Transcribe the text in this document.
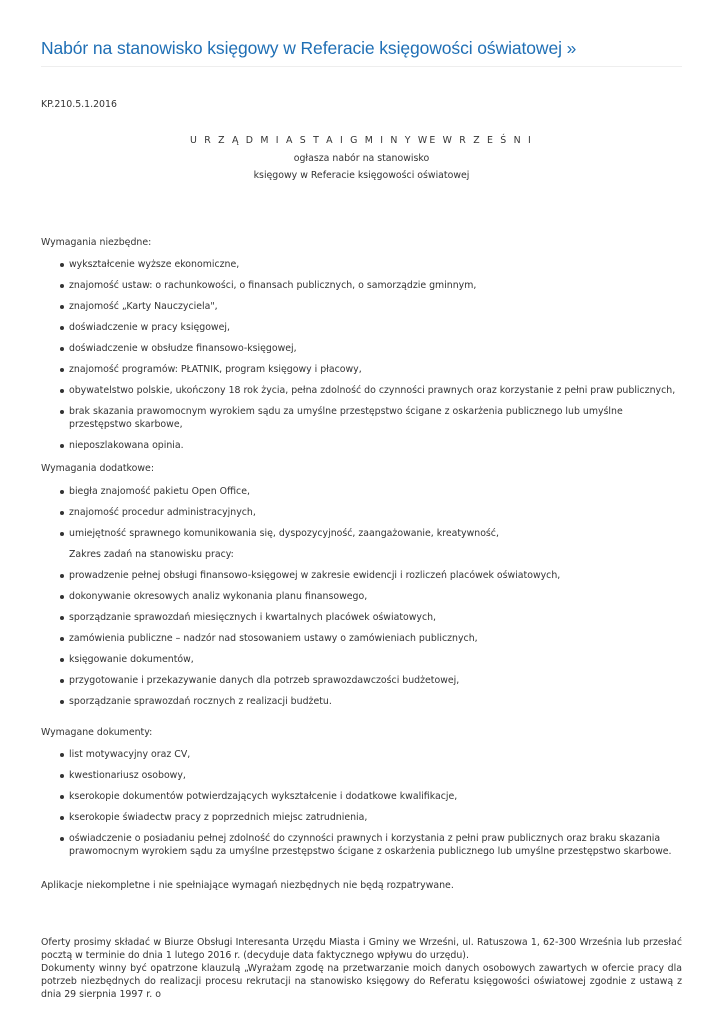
Nabór na stanowisko księgowy w Referacie księgowości oświatowej »
KP.210.5.1.2016
U R Z Ą D M I A S T A I G M I N Y WE W R Z E Ś N I
ogłasza nabór na stanowisko
księgowy w Referacie księgowości oświatowej
Wymagania niezbędne:
wykształcenie wyższe ekonomiczne,
znajomość ustaw: o rachunkowości, o finansach publicznych, o samorządzie gminnym,
znajomość „Karty Nauczyciela",
doświadczenie w pracy księgowej,
doświadczenie w obsłudze finansowo-księgowej,
znajomość programów: PŁATNIK, program księgowy i płacowy,
obywatelstwo polskie, ukończony 18 rok życia, pełna zdolność do czynności prawnych oraz korzystanie z pełni praw publicznych,
brak skazania prawomocnym wyrokiem sądu za umyślne przestępstwo ścigane z oskarżenia publicznego lub umyślne przestępstwo skarbowe,
nieposzlakowana opinia.
Wymagania dodatkowe:
biegła znajomość pakietu Open Office,
znajomość procedur administracyjnych,
umiejętność sprawnego komunikowania się, dyspozycyjność, zaangażowanie, kreatywność,
Zakres zadań na stanowisku pracy:
prowadzenie pełnej obsługi finansowo-księgowej w zakresie ewidencji i rozliczeń placówek oświatowych,
dokonywanie okresowych analiz wykonania planu finansowego,
sporządzanie sprawozdań miesięcznych i kwartalnych placówek oświatowych,
zamówienia publiczne – nadzór nad stosowaniem ustawy o zamówieniach publicznych,
księgowanie dokumentów,
przygotowanie i przekazywanie danych dla potrzeb sprawozdawczości budżetowej,
sporządzanie sprawozdań rocznych z realizacji budżetu.
Wymagane dokumenty:
list motywacyjny oraz CV,
kwestionariusz osobowy,
kserokopie dokumentów potwierdzających wykształcenie i dodatkowe kwalifikacje,
kserokopie świadectw pracy z poprzednich miejsc zatrudnienia,
oświadczenie o posiadaniu pełnej zdolność do czynności prawnych i korzystania z pełni praw publicznych oraz braku skazania prawomocnym wyrokiem sądu za umyślne przestępstwo ścigane z oskarżenia publicznego lub umyślne przestępstwo skarbowe.
Aplikacje niekompletne i nie spełniające wymagań niezbędnych nie będą rozpatrywane.
Oferty prosimy składać w Biurze Obsługi Interesanta Urzędu Miasta i Gminy we Wrześni, ul. Ratuszowa 1, 62-300 Września lub przesłać pocztą w terminie do dnia 1 lutego 2016 r. (decyduje data faktycznego wpływu do urzędu).
Dokumenty winny być opatrzone klauzulą „Wyrażam zgodę na przetwarzanie moich danych osobowych zawartych w ofercie pracy dla potrzeb niezbędnych do realizacji procesu rekrutacji na stanowisko księgowy do Referatu księgowości oświatowej zgodnie z ustawą z dnia 29 sierpnia 1997 r. o
